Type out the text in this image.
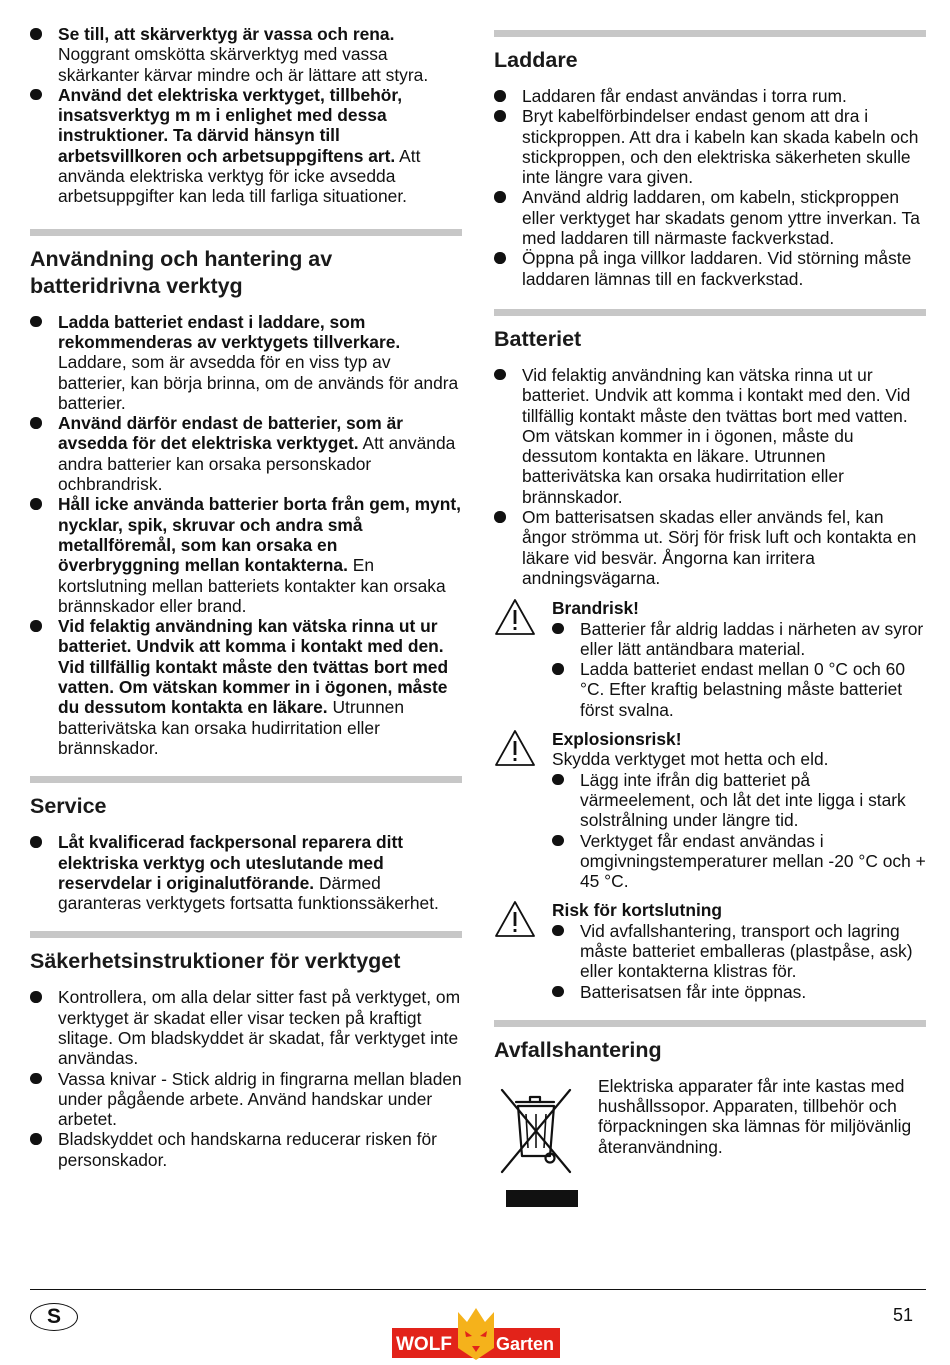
Se till, att skärverktyg är vassa och rena. Noggrant omskötta skärverktyg med vassa skärkanter kärvar mindre och är lättare att styra.
Använd det elektriska verktyget, tillbehör, insatsverktyg m m i enlighet med dessa instruktioner. Ta därvid hänsyn till arbetsvillkoren och arbetsuppgiftens art. Att använda elektriska verktyg för icke avsedda arbetsuppgifter kan leda till farliga situationer.
Användning och hantering av batteridrivna verktyg
Ladda batteriet endast i laddare, som rekommenderas av verktygets tillverkare. Laddare, som är avsedda för en viss typ av batterier, kan börja brinna, om de används för andra batterier.
Använd därför endast de batterier, som är avsedda för det elektriska verktyget. Att använda andra batterier kan orsaka personskador ochbrandrisk.
Håll icke använda batterier borta från gem, mynt, nycklar, spik, skruvar och andra små metallföremål, som kan orsaka en överbryggning mellan kontakterna. En kortslutning mellan batteriets kontakter kan orsaka brännskador eller brand.
Vid felaktig användning kan vätska rinna ut ur batteriet. Undvik att komma i kontakt med den. Vid tillfällig kontakt måste den tvättas bort med vatten. Om vätskan kommer in i ögonen, måste du dessutom kontakta en läkare. Utrunnen batterivätska kan orsaka hudirritation eller brännskador.
Service
Låt kvalificerad fackpersonal reparera ditt elektriska verktyg och uteslutande med reservdelar i originalutförande. Därmed garanteras verktygets fortsatta funktionssäkerhet.
Säkerhetsinstruktioner för verktyget
Kontrollera, om alla delar sitter fast på verktyget, om verktyget är skadat eller visar tecken på kraftigt slitage. Om bladskyddet är skadat, får verktyget inte användas.
Vassa knivar - Stick aldrig in fingrarna mellan bladen under pågående arbete. Använd handskar under arbetet.
Bladskyddet och handskarna reducerar risken för personskador.
Laddare
Laddaren får endast användas i torra rum.
Bryt kabelförbindelser endast genom att dra i stickproppen. Att dra i kabeln kan skada kabeln och stickproppen, och den elektriska säkerheten skulle inte längre vara given.
Använd aldrig laddaren, om kabeln, stickproppen eller verktyget har skadats genom yttre inverkan. Ta med laddaren till närmaste fackverkstad.
Öppna på inga villkor laddaren. Vid störning måste laddaren lämnas till en fackverkstad.
Batteriet
Vid felaktig användning kan vätska rinna ut ur batteriet. Undvik att komma i kontakt med den. Vid tillfällig kontakt måste den tvättas bort med vatten. Om vätskan kommer in i ögonen, måste du dessutom kontakta en läkare. Utrunnen batterivätska kan orsaka hudirritation eller brännskador.
Om batterisatsen skadas eller används fel, kan ångor strömma ut. Sörj för frisk luft och kontakta en läkare vid besvär. Ångorna kan irritera andningsvägarna.
Brandrisk!
Batterier får aldrig laddas i närheten av syror eller lätt antändbara material.
Ladda batteriet endast mellan 0 °C och 60 °C. Efter kraftig belastning måste batteriet först svalna.
Explosionsrisk!
Skydda verktyget mot hetta och eld.
Lägg inte ifrån dig batteriet på värmeelement, och låt det inte ligga i stark solstrålning under längre tid.
Verktyget får endast användas i omgivningstemperaturer mellan -20 °C och + 45 °C.
Risk för kortslutning
Vid avfallshantering, transport och lagring måste batteriet emballeras (plastpåse, ask) eller kontakterna klistras för.
Batterisatsen får inte öppnas.
Avfallshantering

Elektriska apparater får inte kastas med hushållssopor. Apparaten, tillbehör och förpackningen ska lämnas för miljövänlig återanvändning.

S	51
WOLF Garten
